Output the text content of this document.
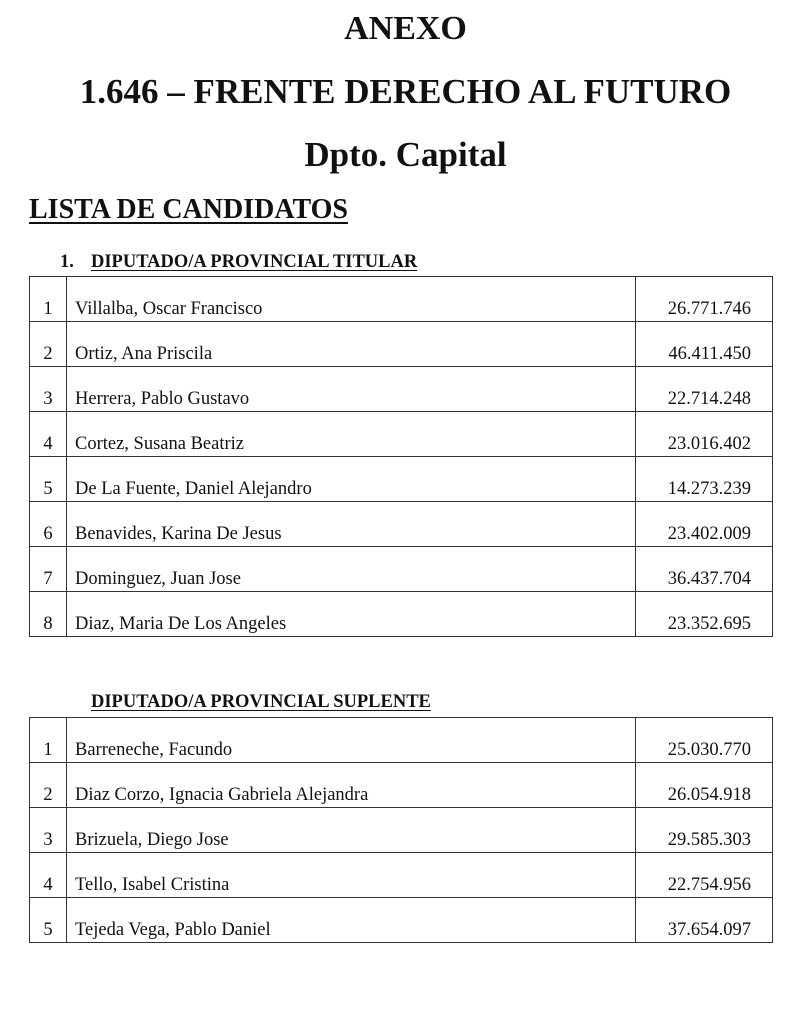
ANEXO
1.646 – FRENTE DERECHO AL FUTURO
Dpto. Capital
LISTA DE CANDIDATOS
1. DIPUTADO/A PROVINCIAL TITULAR
1	Villalba, Oscar Francisco	26.771.746
2	Ortiz, Ana Priscila	46.411.450
3	Herrera, Pablo Gustavo	22.714.248
4	Cortez, Susana Beatriz	23.016.402
5	De La Fuente, Daniel Alejandro	14.273.239
6	Benavides, Karina De Jesus	23.402.009
7	Dominguez, Juan Jose	36.437.704
8	Diaz, Maria De Los Angeles	23.352.695
DIPUTADO/A PROVINCIAL SUPLENTE
1	Barreneche, Facundo	25.030.770
2	Diaz Corzo, Ignacia Gabriela Alejandra	26.054.918
3	Brizuela, Diego Jose	29.585.303
4	Tello, Isabel Cristina	22.754.956
5	Tejeda Vega, Pablo Daniel	37.654.097
